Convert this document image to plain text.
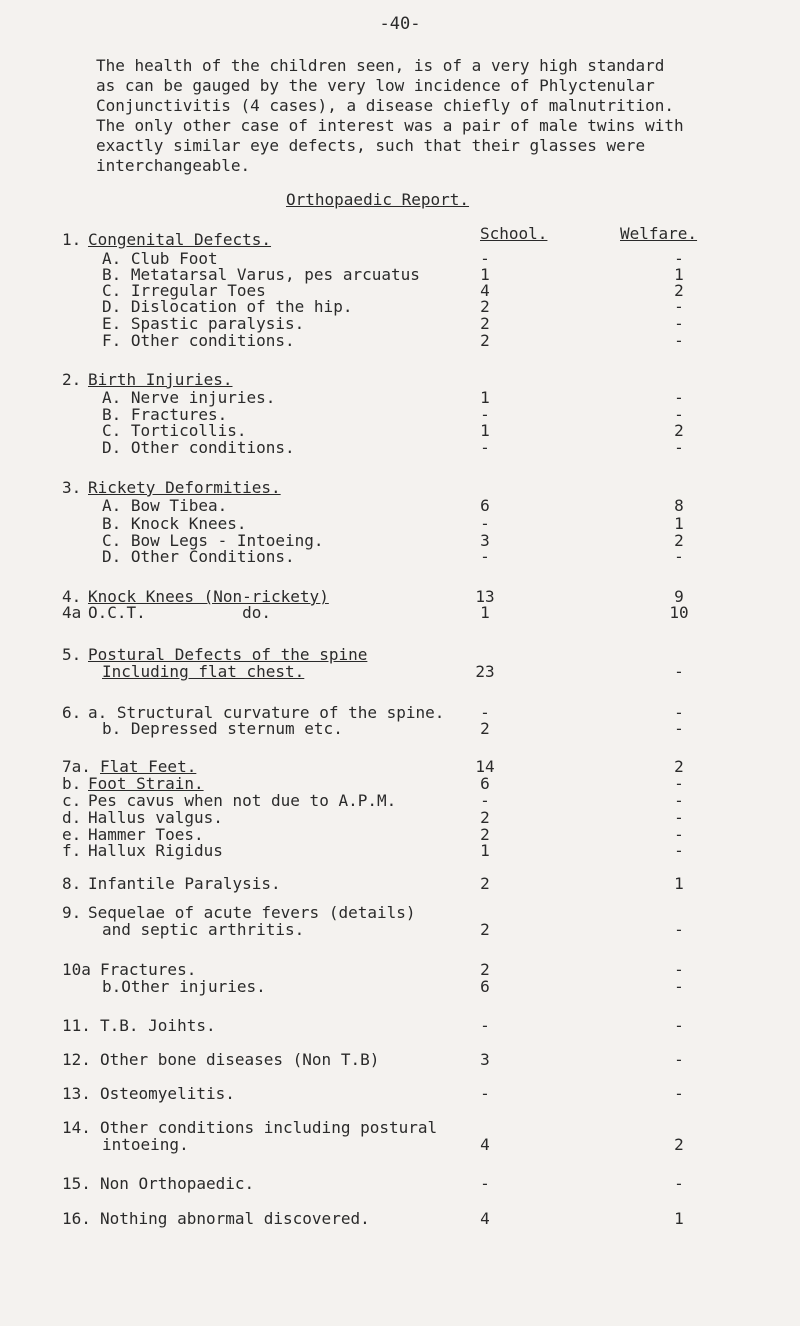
-40-
The health of the children seen, is of a very high standard
as can be gauged by the very low incidence of Phlyctenular
Conjunctivitis (4 cases), a disease chiefly of malnutrition.
The only other case of interest was a pair of male twins with
exactly similar eye defects, such that their glasses were
interchangeable.
Orthopaedic Report.
School.	Welfare.
1. Congenital Defects.
A. Club Foot	-	-
B. Metatarsal Varus, pes arcuatus	1	1
C. Irregular Toes	4	2
D. Dislocation of the hip.	2	-
E. Spastic paralysis.	2	-
F. Other conditions.	2	-
2. Birth Injuries.
A. Nerve injuries.	1	-
B. Fractures.	-	-
C. Torticollis.	1	2
D. Other conditions.	-	-
3. Rickety Deformities.
A. Bow Tibea.	6	8
B. Knock Knees.	-	1
C. Bow Legs - Intoeing.	3	2
D. Other Conditions.	-	-
4. Knock Knees (Non-rickety)	13	9
4a O.C.T.          do.	1	10
5. Postural Defects of the spine
Including flat chest.	23	-
6. a. Structural curvature of the spine.	-	-
b. Depressed sternum etc.	2	-
7a. Flat Feet.	14	2
b. Foot Strain.	6	-
c. Pes cavus when not due to A.P.M.	-	-
d. Hallus valgus.	2	-
e. Hammer Toes.	2	-
f. Hallux Rigidus	1	-
8. Infantile Paralysis.	2	1
9. Sequelae of acute fevers (details)
and septic arthritis.	2	-
10a Fractures.	2	-
b.Other injuries.	6	-
11. T.B. Joihts.	-	-
12. Other bone diseases (Non T.B)	3	-
13. Osteomyelitis.	-	-
14. Other conditions including postural
intoeing.	4	2
15. Non Orthopaedic.	-	-
16. Nothing abnormal discovered.	4	1
